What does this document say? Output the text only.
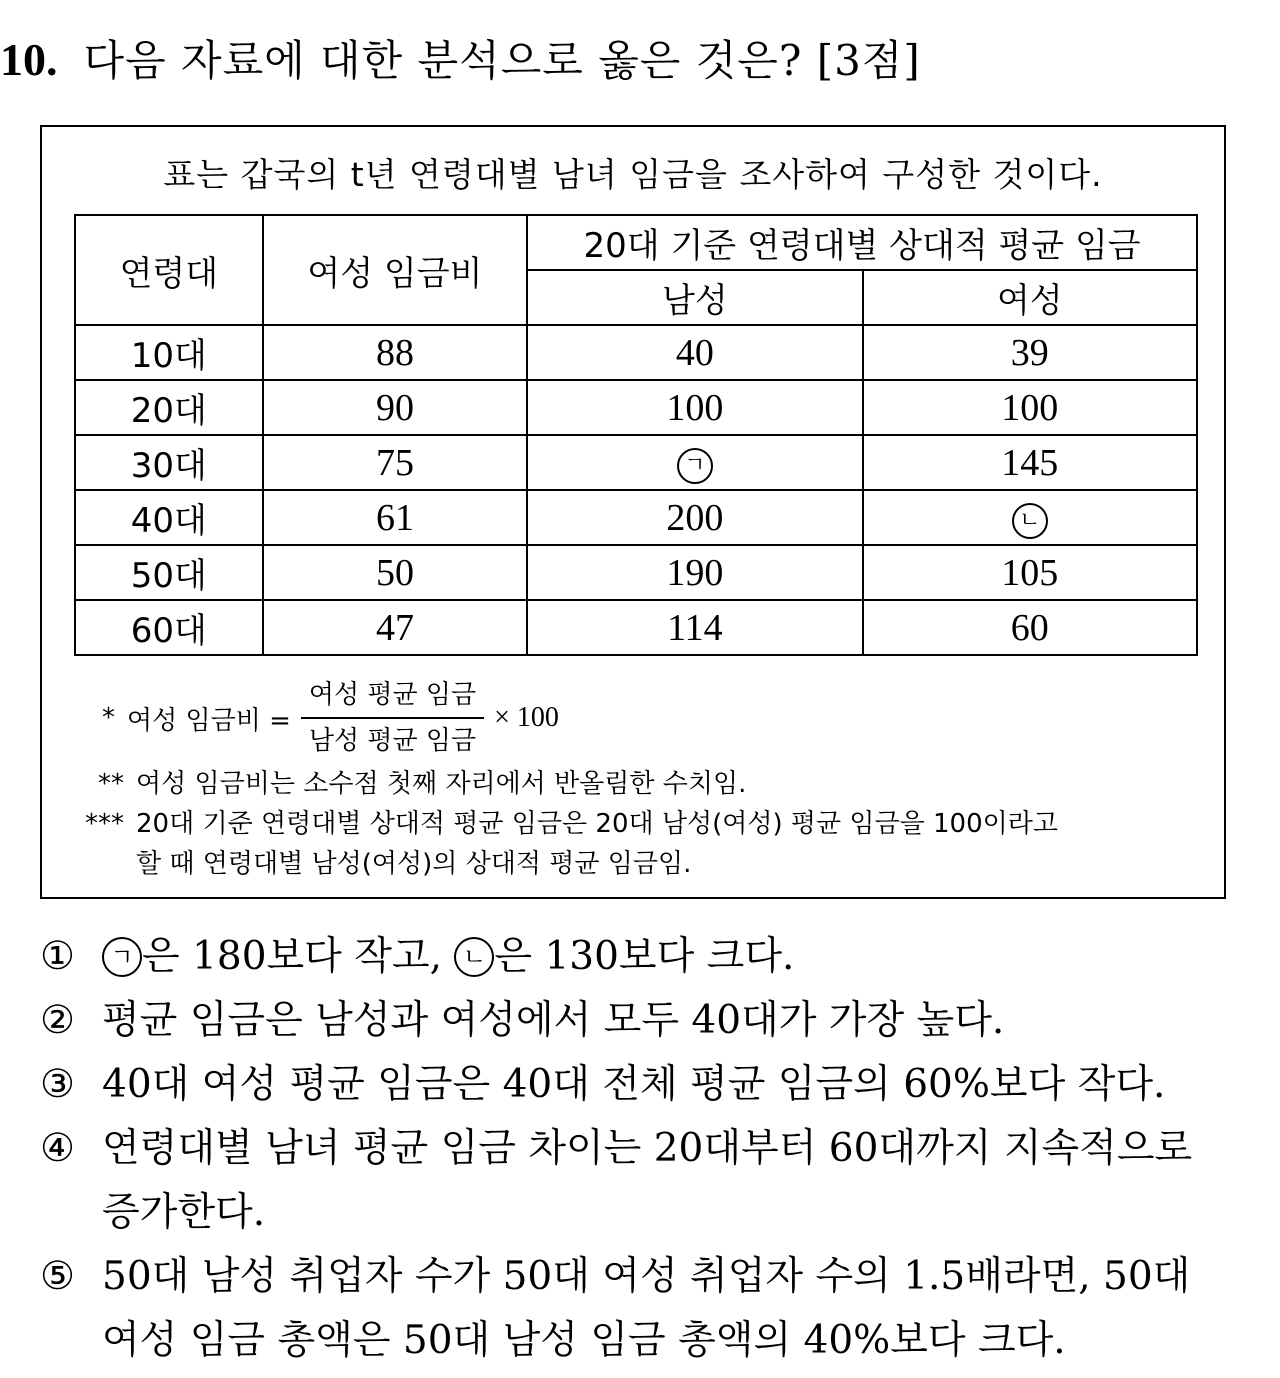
10. 다음 자료에 대한 분석으로 옳은 것은? [3점]
표는 갑국의 t년 연령대별 남녀 임금을 조사하여 구성한 것이다.
연령대	여성 임금비	20대 기준 연령대별 상대적 평균 임금	
		남성	여성
10대	88	40	39
20대	90	100	100
30대	75	ㄱ	145
40대	61	200	ㄴ
50대	50	190	105
60대	47	114	60
* 여성 임금비 = $\frac{\text{여성 평균 임금}}{\text{남성 평균 임금}} \times 100$
** 여성 임금비는 소수점 첫째 자리에서 반올림한 수치임.
*** 20대 기준 연령대별 상대적 평균 임금은 20대 남성(여성) 평균 임금을 100이라고
할 때 연령대별 남성(여성)의 상대적 평균 임금임.
①	ㄱ 은 180보다 작고, ㄴ 은 130보다 크다.
② 평균 임금은 남성과 여성에서 모두 40대가 가장 높다.
③ 40대 여성 평균 임금은 40대 전체 평균 임금의 60%보다 작다.
④ 연령대별 남녀 평균 임금 차이는 20대부터 60대까지 지속적으로
증가한다.
⑤ 50대 남성 취업자 수가 50대 여성 취업자 수의 1.5배라면, 50대
여성 임금 총액은 50대 남성 임금 총액의 40%보다 크다.
